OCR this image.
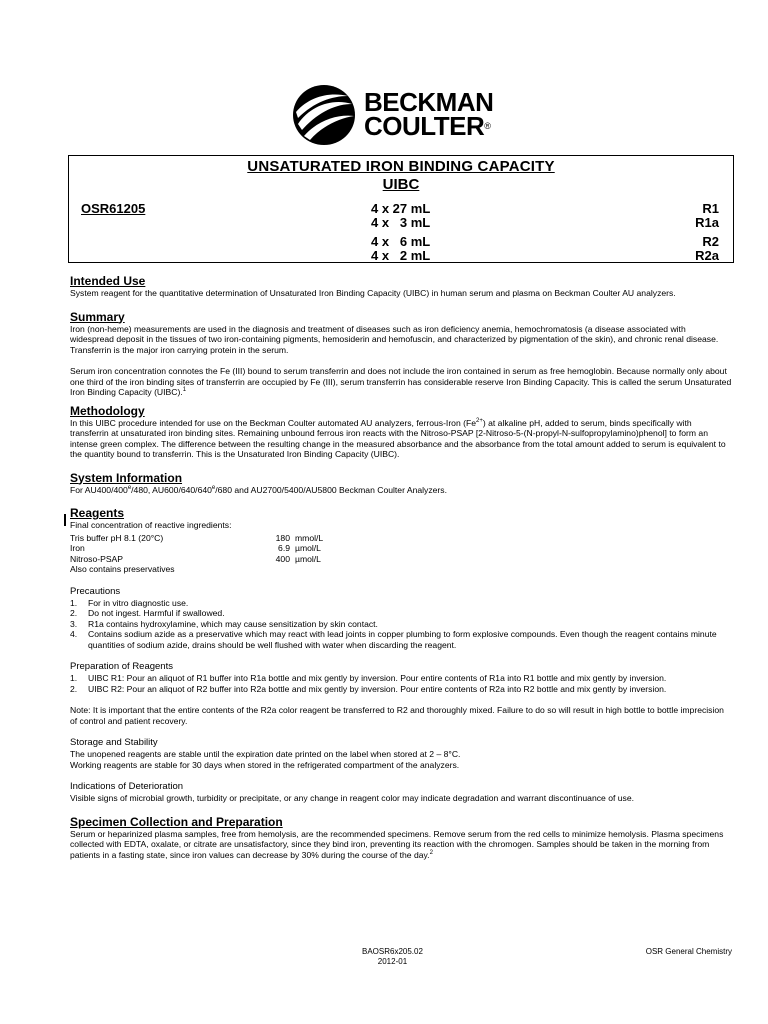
BECKMAN
COULTER®
UNSATURATED IRON BINDING CAPACITY
UIBC
OSR61205	4 x 27 mL	R1
4 x   3 mL	R1a
4 x   6 mL	R2
4 x   2 mL	R2a
Intended Use

System reagent for the quantitative determination of Unsaturated Iron Binding Capacity (UIBC) in human serum and plasma on Beckman Coulter AU analyzers.

Summary

Iron (non-heme) measurements are used in the diagnosis and treatment of diseases such as iron deficiency anemia, hemochromatosis (a disease associated with widespread deposit in the tissues of two iron-containing pigments, hemosiderin and hemofuscin, and characterized by pigmentation of the skin), and chronic renal disease. Transferrin is the major iron carrying protein in the serum.

Serum iron concentration connotes the Fe (III) bound to serum transferrin and does not include the iron contained in serum as free hemoglobin. Because normally only about one third of the iron binding sites of transferrin are occupied by Fe (III), serum transferrin has considerable reserve Iron Binding Capacity. This is called the serum Unsaturated Iron Binding Capacity (UIBC).$^1$

Methodology

In this UIBC procedure intended for use on the Beckman Coulter automated AU analyzers, ferrous-Iron $(Fe^{2+})$ at alkaline pH, added to serum, binds specifically with transferrin at unsaturated iron binding sites. Remaining unbound ferrous iron reacts with the Nitroso-PSAP [2-Nitroso-5-(N-propyl-N-sulfopropylamino)phenol] to form an intense green complex. The difference between the resulting change in the measured absorbance and the absorbance from the total amount added to serum is equivalent to the quantity bound to transferrin. This is the Unsaturated Iron Binding Capacity (UIBC).

System Information

For AU400/400e/480, AU600/640/640e/680 and AU2700/5400/AU5800 Beckman Coulter Analyzers.

Reagents

Final concentration of reactive ingredients:

Tris buffer pH 8.1 (20°C)	180 mmol/L
Iron	6.9 µmol/L
Nitroso-PSAP	400 µmol/L

Also contains preservatives

Precautions
1. For in vitro diagnostic use.
2. Do not ingest. Harmful if swallowed.
3. R1a contains hydroxylamine, which may cause sensitization by skin contact.
4. Contains sodium azide as a preservative which may react with lead joints in copper plumbing to form explosive compounds. Even though the reagent contains minute quantities of sodium azide, drains should be well flushed with water when discarding the reagent.
Preparation of Reagents
1. UIBC R1: Pour an aliquot of R1 buffer into R1a bottle and mix gently by inversion. Pour entire contents of R1a into R1 bottle and mix gently by inversion.
2. UIBC R2: Pour an aliquot of R2 buffer into R2a bottle and mix gently by inversion. Pour entire contents of R2a into R2 bottle and mix gently by inversion.

Note: It is important that the entire contents of the R2a color reagent be transferred to R2 and thoroughly mixed. Failure to do so will result in high bottle to bottle imprecision of control and patient recovery.

Storage and Stability

The unopened reagents are stable until the expiration date printed on the label when stored at 2 – 8°C.

Working reagents are stable for 30 days when stored in the refrigerated compartment of the analyzers.

Indications of Deterioration

Visible signs of microbial growth, turbidity or precipitate, or any change in reagent color may indicate degradation and warrant discontinuance of use.

Specimen Collection and Preparation

Serum or heparinized plasma samples, free from hemolysis, are the recommended specimens. Remove serum from the red cells to minimize hemolysis. Plasma specimens collected with EDTA, oxalate, or citrate are unsatisfactory, since they bind iron, preventing its reaction with the chromogen. Samples should be taken in the morning from patients in a fasting state, since iron values can decrease by 30% during the course of the day.$^2$

BAOSR6x205.02
2012-01
OSR General Chemistry
